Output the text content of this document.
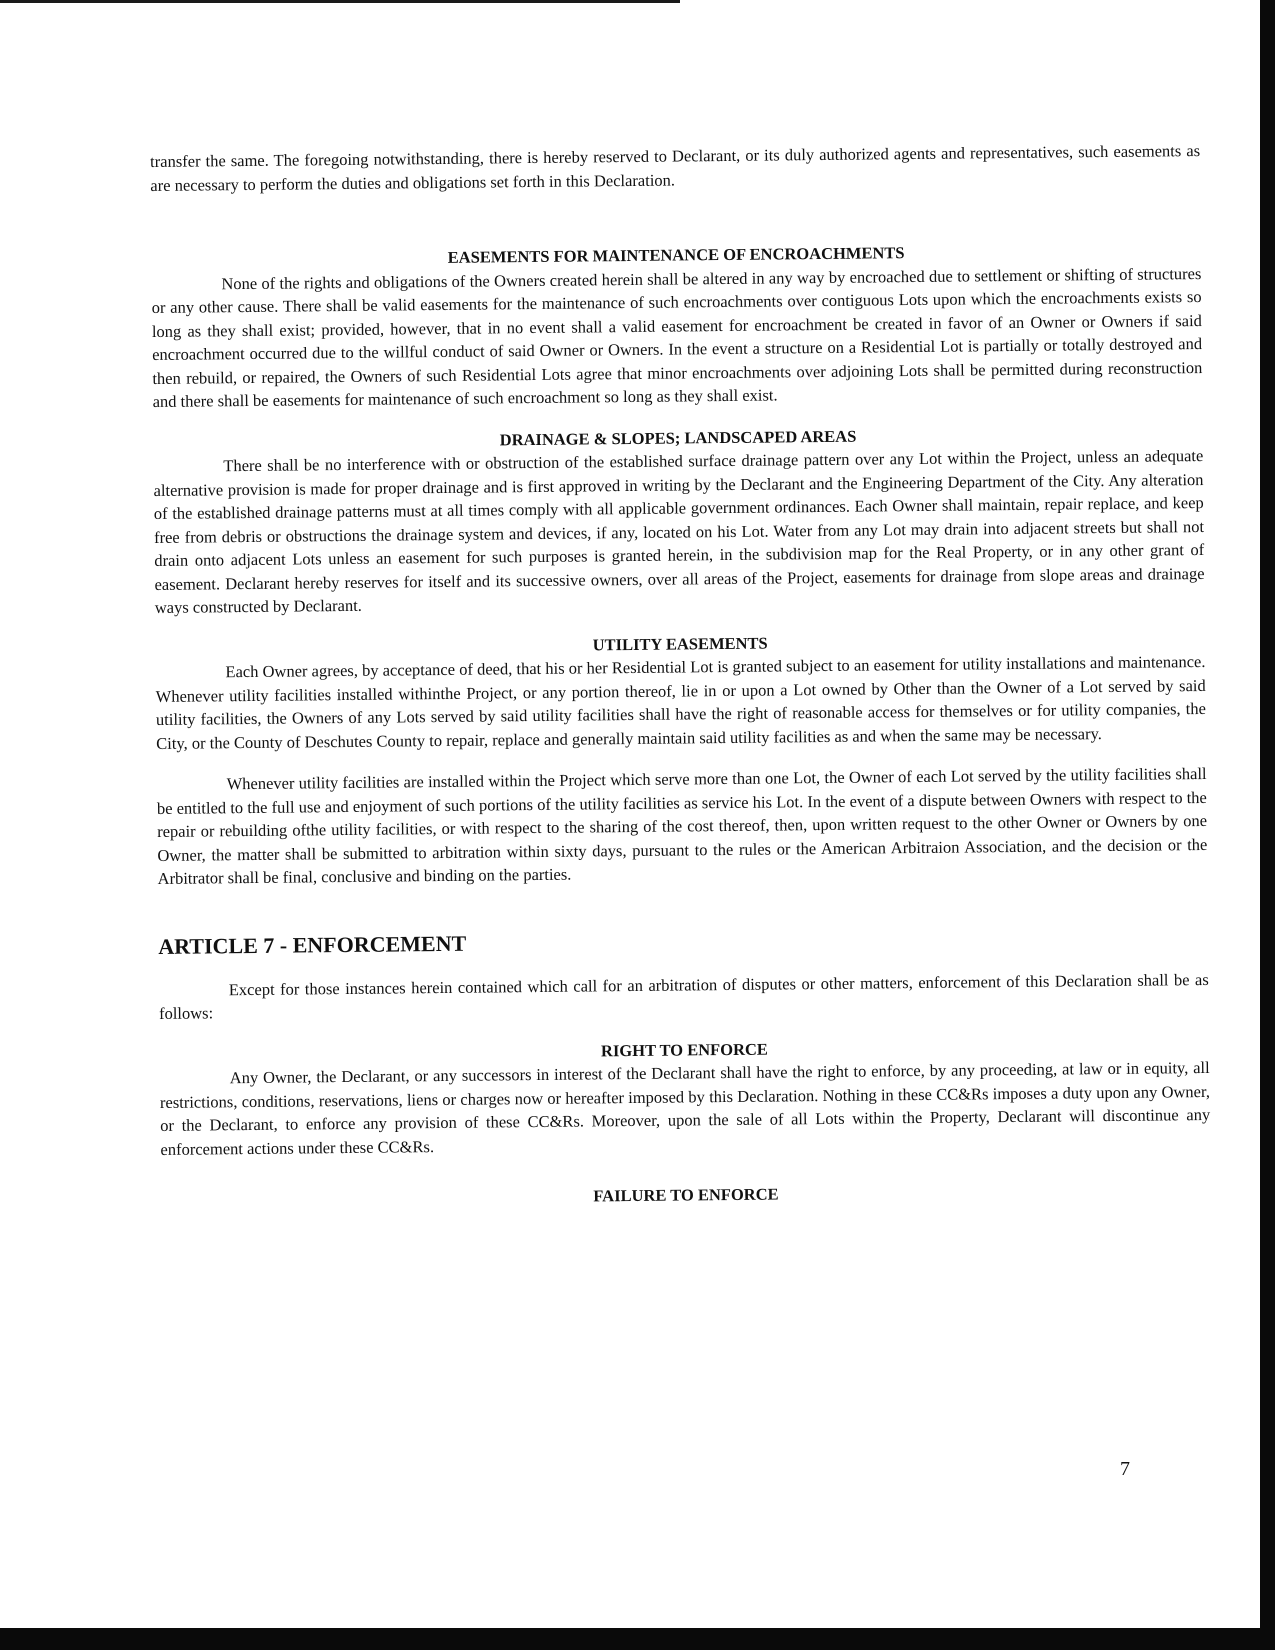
transfer the same. The foregoing notwithstanding, there is hereby reserved to Declarant, or its duly authorized agents and representatives, such easements as are necessary to perform the duties and obligations set forth in this Declaration.

EASEMENTS FOR MAINTENANCE OF ENCROACHMENTS

None of the rights and obligations of the Owners created herein shall be altered in any way by encroached due to settlement or shifting of structures or any other cause. There shall be valid easements for the maintenance of such encroachments over contiguous Lots upon which the encroachments exists so long as they shall exist; provided, however, that in no event shall a valid easement for encroachment be created in favor of an Owner or Owners if said encroachment occurred due to the willful conduct of said Owner or Owners. In the event a structure on a Residential Lot is partially or totally destroyed and then rebuild, or repaired, the Owners of such Residential Lots agree that minor encroachments over adjoining Lots shall be permitted during reconstruction and there shall be easements for maintenance of such encroachment so long as they shall exist.

DRAINAGE & SLOPES; LANDSCAPED AREAS

There shall be no interference with or obstruction of the established surface drainage pattern over any Lot within the Project, unless an adequate alternative provision is made for proper drainage and is first approved in writing by the Declarant and the Engineering Department of the City. Any alteration of the established drainage patterns must at all times comply with all applicable government ordinances. Each Owner shall maintain, repair replace, and keep free from debris or obstructions the drainage system and devices, if any, located on his Lot. Water from any Lot may drain into adjacent streets but shall not drain onto adjacent Lots unless an easement for such purposes is granted herein, in the subdivision map for the Real Property, or in any other grant of easement. Declarant hereby reserves for itself and its successive owners, over all areas of the Project, easements for drainage from slope areas and drainage ways constructed by Declarant.

UTILITY EASEMENTS

Each Owner agrees, by acceptance of deed, that his or her Residential Lot is granted subject to an easement for utility installations and maintenance. Whenever utility facilities installed withinthe Project, or any portion thereof, lie in or upon a Lot owned by Other than the Owner of a Lot served by said utility facilities, the Owners of any Lots served by said utility facilities shall have the right of reasonable access for themselves or for utility companies, the City, or the County of Deschutes County to repair, replace and generally maintain said utility facilities as and when the same may be necessary.

Whenever utility facilities are installed within the Project which serve more than one Lot, the Owner of each Lot served by the utility facilities shall be entitled to the full use and enjoyment of such portions of the utility facilities as service his Lot. In the event of a dispute between Owners with respect to the repair or rebuilding ofthe utility facilities, or with respect to the sharing of the cost thereof, then, upon written request to the other Owner or Owners by one Owner, the matter shall be submitted to arbitration within sixty days, pursuant to the rules or the American Arbitraion Association, and the decision or the Arbitrator shall be final, conclusive and binding on the parties.

ARTICLE 7 - ENFORCEMENT

Except for those instances herein contained which call for an arbitration of disputes or other matters, enforcement of this Declaration shall be as follows:

RIGHT TO ENFORCE

Any Owner, the Declarant, or any successors in interest of the Declarant shall have the right to enforce, by any proceeding, at law or in equity, all restrictions, conditions, reservations, liens or charges now or hereafter imposed by this Declaration. Nothing in these CC&Rs imposes a duty upon any Owner, or the Declarant, to enforce any provision of these CC&Rs. Moreover, upon the sale of all Lots within the Property, Declarant will discontinue any enforcement actions under these CC&Rs.

FAILURE TO ENFORCE
7
